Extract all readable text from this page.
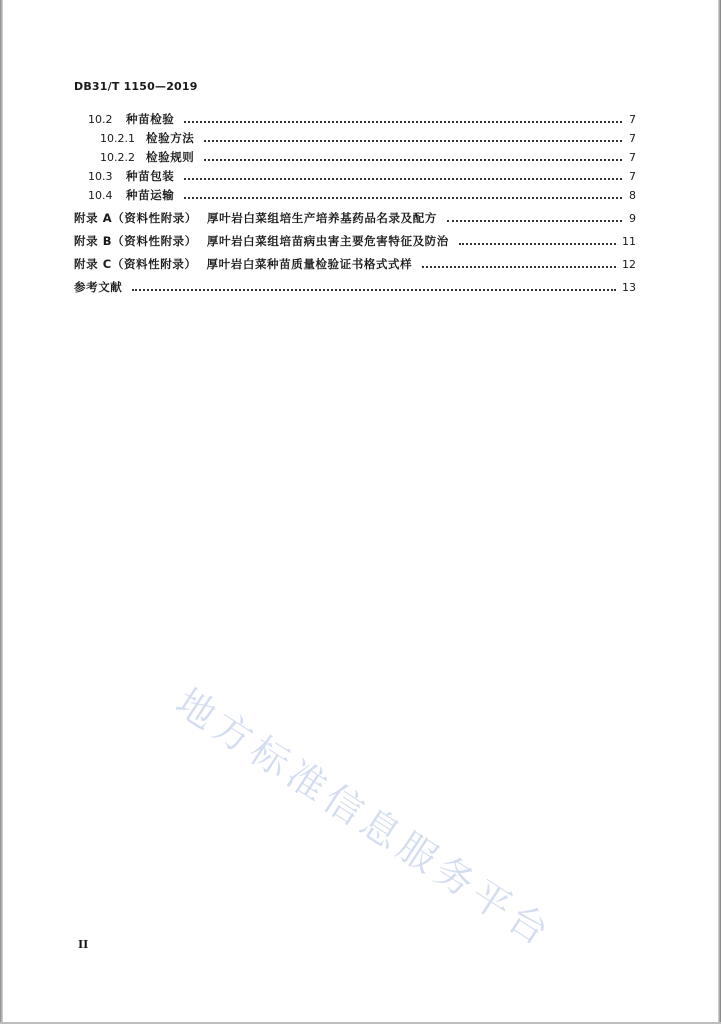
DB31/T 1150—2019
10.2	种苗检验	7
10.2.1 检验方法	7
10.2.2 检验规则	7
10.3	种苗包装	7
10.4	种苗运输	8
附录 A（资料性附录） 厚叶岩白菜组培生产培养基药品名录及配方	9
附录 B（资料性附录） 厚叶岩白菜组培苗病虫害主要危害特征及防治	11
附录 C（资料性附录） 厚叶岩白菜种苗质量检验证书格式式样	12
参考文献	13
地方标准信息服务平台
II
